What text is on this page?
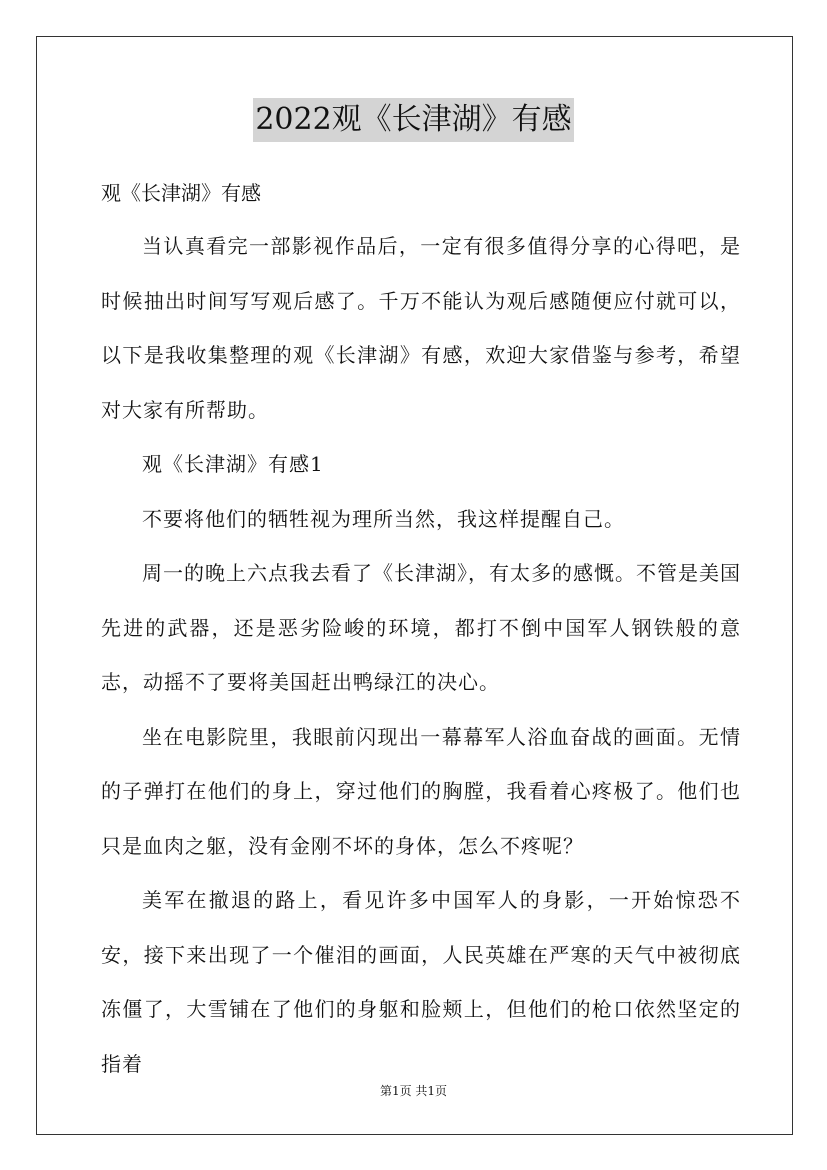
2022观《长津湖》有感

观《长津湖》有感

当认真看完一部影视作品后，一定有很多值得分享的心得吧，是时候抽出时间写写观后感了。千万不能认为观后感随便应付就可以，以下是我收集整理的观《长津湖》有感，欢迎大家借鉴与参考，希望对大家有所帮助。

观《长津湖》有感1

不要将他们的牺牲视为理所当然，我这样提醒自己。

周一的晚上六点我去看了《长津湖》，有太多的感慨。不管是美国先进的武器，还是恶劣险峻的环境，都打不倒中国军人钢铁般的意志，动摇不了要将美国赶出鸭绿江的决心。

坐在电影院里，我眼前闪现出一幕幕军人浴血奋战的画面。无情的子弹打在他们的身上，穿过他们的胸膛，我看着心疼极了。他们也只是血肉之躯，没有金刚不坏的身体，怎么不疼呢？

美军在撤退的路上，看见许多中国军人的身影，一开始惊恐不安，接下来出现了一个催泪的画面，人民英雄在严寒的天气中被彻底冻僵了，大雪铺在了他们的身躯和脸颊上，但他们的枪口依然坚定的指着

第1页 共1页
